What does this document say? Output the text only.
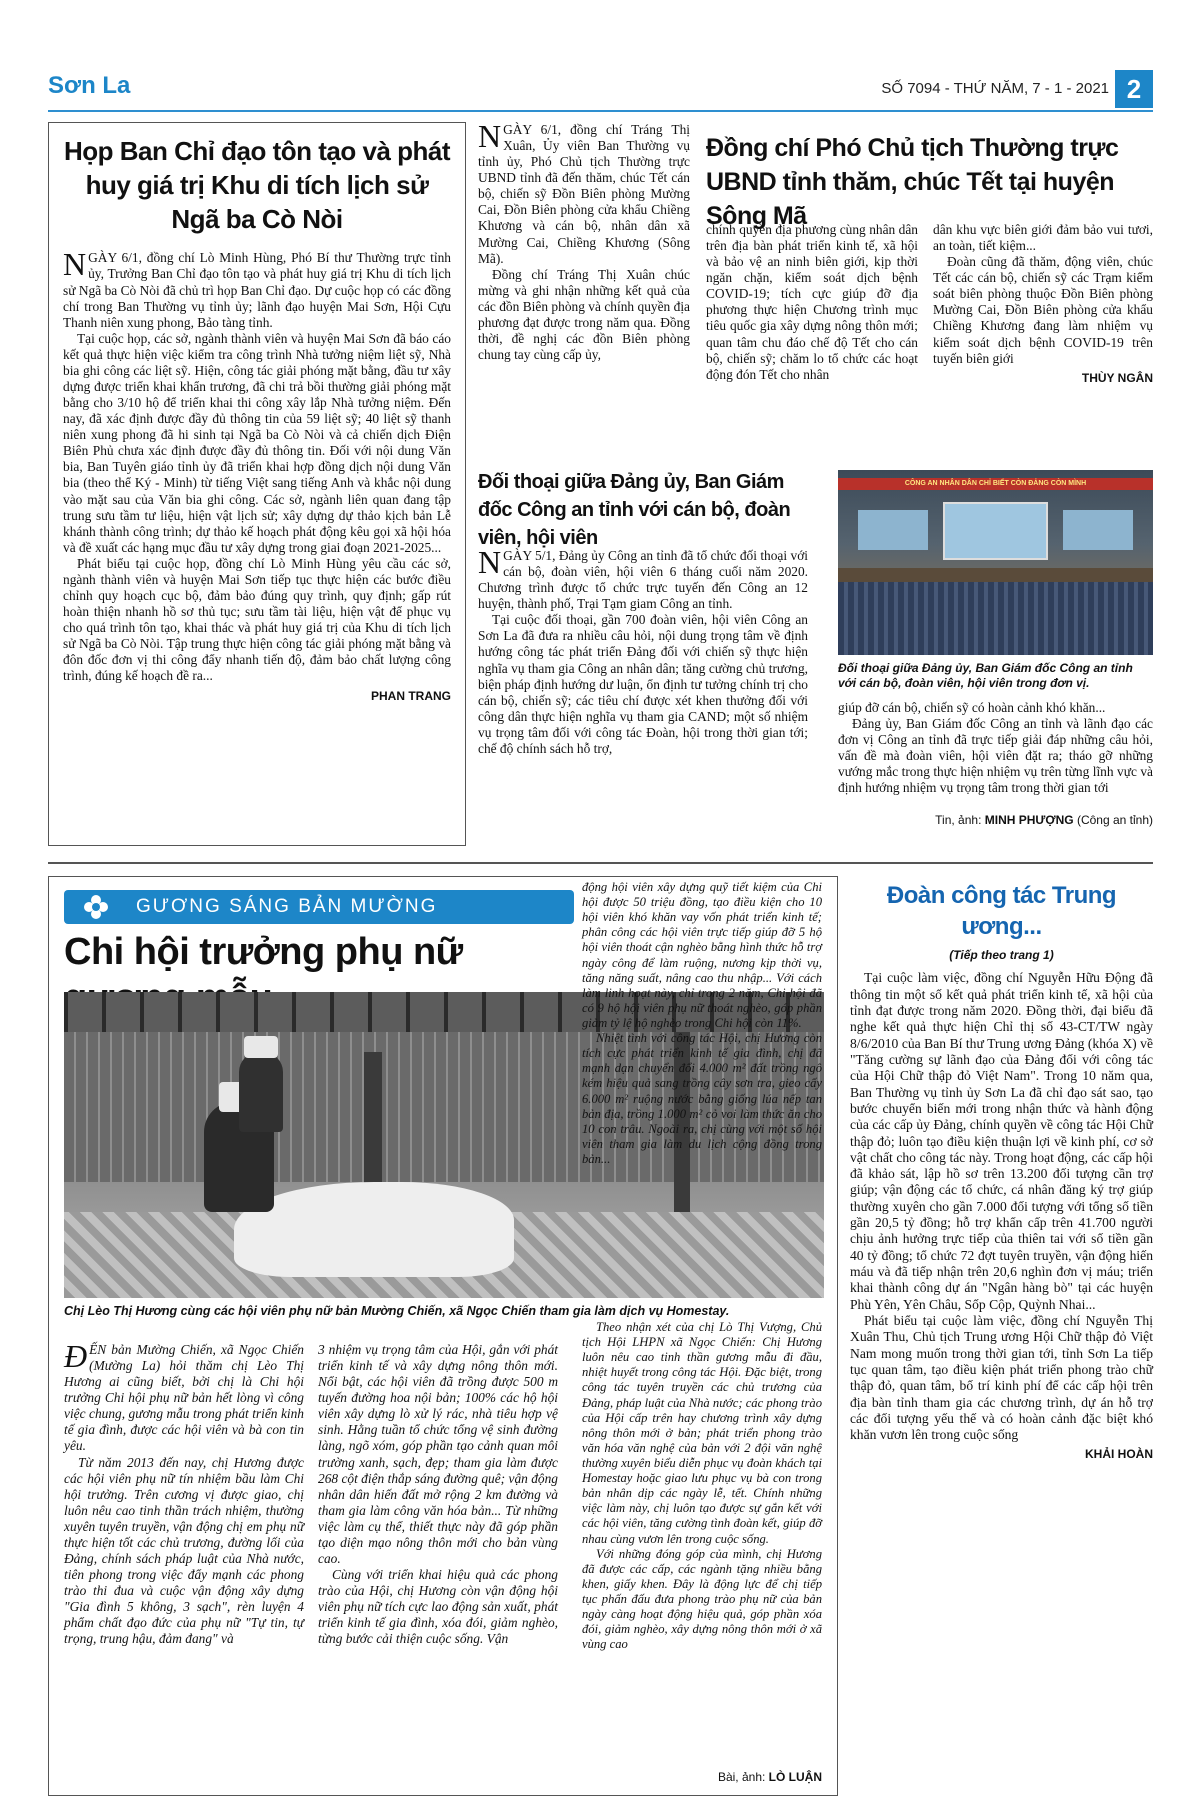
Sơn La	SỐ 7094 - THỨ NĂM, 7 - 1 - 2021 2
Họp Ban Chỉ đạo tôn tạo và phát huy giá trị Khu di tích lịch sử Ngã ba Cò Nòi

NGÀY 6/1, đồng chí Lò Minh Hùng, Phó Bí thư Thường trực tỉnh ủy, Trưởng Ban Chỉ đạo tôn tạo và phát huy giá trị Khu di tích lịch sử Ngã ba Cò Nòi đã chủ trì họp Ban Chỉ đạo. Dự cuộc họp có các đồng chí trong Ban Thường vụ tỉnh ủy; lãnh đạo huyện Mai Sơn, Hội Cựu Thanh niên xung phong, Bảo tàng tỉnh.

Tại cuộc họp, các sở, ngành thành viên và huyện Mai Sơn đã báo cáo kết quả thực hiện việc kiểm tra công trình Nhà tưởng niệm liệt sỹ, Nhà bia ghi công các liệt sỹ. Hiện, công tác giải phóng mặt bằng, đầu tư xây dựng được triển khai khẩn trương, đã chi trả bồi thường giải phóng mặt bằng cho 3/10 hộ để triển khai thi công xây lắp Nhà tưởng niệm. Đến nay, đã xác định được đầy đủ thông tin của 59 liệt sỹ; 40 liệt sỹ thanh niên xung phong đã hi sinh tại Ngã ba Cò Nòi và cả chiến dịch Điện Biên Phủ chưa xác định được đầy đủ thông tin. Đối với nội dung Văn bia, Ban Tuyên giáo tỉnh ủy đã triển khai hợp đồng dịch nội dung Văn bia (theo thể Ký - Minh) từ tiếng Việt sang tiếng Anh và khắc nội dung vào mặt sau của Văn bia ghi công. Các sở, ngành liên quan đang tập trung sưu tầm tư liệu, hiện vật lịch sử; xây dựng dự thảo kịch bản Lễ khánh thành công trình; dự thảo kế hoạch phát động kêu gọi xã hội hóa và đề xuất các hạng mục đầu tư xây dựng trong giai đoạn 2021-2025...

Phát biểu tại cuộc họp, đồng chí Lò Minh Hùng yêu cầu các sở, ngành thành viên và huyện Mai Sơn tiếp tục thực hiện các bước điều chỉnh quy hoạch cục bộ, đảm bảo đúng quy trình, quy định; gấp rút hoàn thiện nhanh hồ sơ thủ tục; sưu tầm tài liệu, hiện vật để phục vụ cho quá trình tôn tạo, khai thác và phát huy giá trị của Khu di tích lịch sử Ngã ba Cò Nòi. Tập trung thực hiện công tác giải phóng mặt bằng và đôn đốc đơn vị thi công đẩy nhanh tiến độ, đảm bảo chất lượng công trình, đúng kế hoạch đề ra...

PHAN TRANG

NGÀY 6/1, đồng chí Tráng Thị Xuân, Ủy viên Ban Thường vụ tỉnh ủy, Phó Chủ tịch Thường trực UBND tỉnh đã đến thăm, chúc Tết cán bộ, chiến sỹ Đồn Biên phòng Mường Cai, Đồn Biên phòng cửa khẩu Chiềng Khương và cán bộ, nhân dân xã Mường Cai, Chiềng Khương (Sông Mã).

Đồng chí Tráng Thị Xuân chúc mừng và ghi nhận những kết quả của các đồn Biên phòng và chính quyền địa phương đạt được trong năm qua. Đồng thời, đề nghị các đồn Biên phòng chung tay cùng cấp ủy,

Đồng chí Phó Chủ tịch Thường trực UBND tỉnh thăm, chúc Tết tại huyện Sông Mã

chính quyền địa phương cùng nhân dân trên địa bàn phát triển kinh tế, xã hội và bảo vệ an ninh biên giới, kịp thời ngăn chặn, kiểm soát dịch bệnh COVID-19; tích cực giúp đỡ địa phương thực hiện Chương trình mục tiêu quốc gia xây dựng nông thôn mới; quan tâm chu đáo chế độ Tết cho cán bộ, chiến sỹ; chăm lo tổ chức các hoạt động đón Tết cho nhân

dân khu vực biên giới đảm bảo vui tươi, an toàn, tiết kiệm...

Đoàn cũng đã thăm, động viên, chúc Tết các cán bộ, chiến sỹ các Trạm kiểm soát biên phòng thuộc Đồn Biên phòng Mường Cai, Đồn Biên phòng cửa khẩu Chiềng Khương đang làm nhiệm vụ kiểm soát dịch bệnh COVID-19 trên tuyến biên giới

THÙY NGÂN
Đối thoại giữa Đảng ủy, Ban Giám đốc Công an tỉnh với cán bộ, đoàn viên, hội viên

NGÀY 5/1, Đảng ủy Công an tỉnh đã tổ chức đối thoại với cán bộ, đoàn viên, hội viên 6 tháng cuối năm 2020. Chương trình được tổ chức trực tuyến đến Công an 12 huyện, thành phố, Trại Tạm giam Công an tỉnh.

Tại cuộc đối thoại, gần 700 đoàn viên, hội viên Công an Sơn La đã đưa ra nhiều câu hỏi, nội dung trọng tâm về định hướng công tác phát triển Đảng đối với chiến sỹ thực hiện nghĩa vụ tham gia Công an nhân dân; tăng cường chủ trương, biện pháp định hướng dư luận, ổn định tư tưởng chính trị cho cán bộ, chiến sỹ; các tiêu chí được xét khen thưởng đối với công dân thực hiện nghĩa vụ tham gia CAND; một số nhiệm vụ trọng tâm đối với công tác Đoàn, hội trong thời gian tới; chế độ chính sách hỗ trợ,

CÔNG AN NHÂN DÂN CHỈ BIẾT CÒN ĐẢNG CÒN MÌNH
Đối thoại giữa Đảng ủy, Ban Giám đốc Công an tỉnh với cán bộ, đoàn viên, hội viên trong đơn vị.

giúp đỡ cán bộ, chiến sỹ có hoàn cảnh khó khăn...

Đảng ủy, Ban Giám đốc Công an tỉnh và lãnh đạo các đơn vị Công an tỉnh đã trực tiếp giải đáp những câu hỏi, vấn đề mà đoàn viên, hội viên đặt ra; tháo gỡ những vướng mắc trong thực hiện nhiệm vụ trên từng lĩnh vực và định hướng nhiệm vụ trọng tâm trong thời gian tới

Tin, ảnh: MINH PHƯỢNG (Công an tỉnh)
GƯƠNG SÁNG BẢN MƯỜNG
Chi hội trưởng phụ nữ
Chị Lèo Thị Hương cùng các hội viên phụ nữ bản Mường Chiến, xã Ngọc Chiến tham gia làm dịch vụ Homestay.

ĐẾN bản Mường Chiến, xã Ngọc Chiến (Mường La) hỏi thăm chị Lèo Thị Hương ai cũng biết, bởi chị là Chi hội trưởng Chi hội phụ nữ bản hết lòng vì công việc chung, gương mẫu trong phát triển kinh tế gia đình, được các hội viên và bà con tin yêu.

Từ năm 2013 đến nay, chị Hương được các hội viên phụ nữ tín nhiệm bầu làm Chi hội trưởng. Trên cương vị được giao, chị luôn nêu cao tinh thần trách nhiệm, thường xuyên tuyên truyền, vận động chị em phụ nữ thực hiện tốt các chủ trương, đường lối của Đảng, chính sách pháp luật của Nhà nước, tiên phong trong việc đẩy mạnh các phong trào thi đua và cuộc vận động xây dựng "Gia đình 5 không, 3 sạch", rèn luyện 4 phẩm chất đạo đức của phụ nữ "Tự tin, tự trọng, trung hậu, đảm đang" và

3 nhiệm vụ trọng tâm của Hội, gắn với phát triển kinh tế và xây dựng nông thôn mới. Nổi bật, các hội viên đã trồng được 500 m tuyến đường hoa nội bản; 100% các hộ hội viên xây dựng lò xử lý rác, nhà tiêu hợp vệ sinh. Hằng tuần tổ chức tổng vệ sinh đường làng, ngõ xóm, góp phần tạo cảnh quan môi trường xanh, sạch, đẹp; tham gia làm được 268 cột điện thắp sáng đường quê; vận động nhân dân hiến đất mở rộng 2 km đường và tham gia làm công văn hóa bản... Từ những việc làm cụ thể, thiết thực này đã góp phần tạo diện mạo nông thôn mới cho bản vùng cao.

Cùng với triển khai hiệu quả các phong trào của Hội, chị Hương còn vận động hội viên phụ nữ tích cực lao động sản xuất, phát triển kinh tế gia đình, xóa đói, giảm nghèo, từng bước cải thiện cuộc sống. Vận

động hội viên xây dựng quỹ tiết kiệm của Chi hội được 50 triệu đồng, tạo điều kiện cho 10 hội viên khó khăn vay vốn phát triển kinh tế; phân công các hội viên trực tiếp giúp đỡ 5 hộ hội viên thoát cận nghèo bằng hình thức hỗ trợ ngày công để làm ruộng, nương kịp thời vụ, tăng năng suất, nâng cao thu nhập... Với cách làm linh hoạt này, chỉ trong 2 năm, Chi hội đã có 9 hộ hội viên phụ nữ thoát nghèo, góp phần giảm tỷ lệ hộ nghèo trong Chi hội còn 11%.

Nhiệt tình với công tác Hội, chị Hương còn tích cực phát triển kinh tế gia đình, chị đã mạnh dạn chuyển đổi 4.000 m² đất trồng ngô kém hiệu quả sang trồng cây sơn tra, gieo cấy 6.000 m² ruộng nước bằng giống lúa nếp tan bản địa, trồng 1.000 m² cỏ voi làm thức ăn cho 10 con trâu. Ngoài ra, chị cùng với một số hội viên tham gia làm du lịch cộng đồng trong bản...

Theo nhận xét của chị Lò Thị Vượng, Chủ tịch Hội LHPN xã Ngọc Chiến: Chị Hương luôn nêu cao tinh thần gương mẫu đi đầu, nhiệt huyết trong công tác Hội. Đặc biệt, trong công tác tuyên truyền các chủ trương của Đảng, pháp luật của Nhà nước; các phong trào của Hội cấp trên hay chương trình xây dựng nông thôn mới ở bản; phát triển phong trào văn hóa văn nghệ của bản với 2 đội văn nghệ thường xuyên biểu diễn phục vụ đoàn khách tại Homestay hoặc giao lưu phục vụ bà con trong bản nhân dịp các ngày lễ, tết. Chính những việc làm này, chị luôn tạo được sự gắn kết với các hội viên, tăng cường tình đoàn kết, giúp đỡ nhau cùng vươn lên trong cuộc sống.

Với những đóng góp của mình, chị Hương đã được các cấp, các ngành tặng nhiều bằng khen, giấy khen. Đây là động lực để chị tiếp tục phấn đấu đưa phong trào phụ nữ của bản ngày càng hoạt động hiệu quả, góp phần xóa đói, giảm nghèo, xây dựng nông thôn mới ở xã vùng cao

Bài, ảnh: LÒ LUẬN
Đoàn công tác Trung ương...
(Tiếp theo trang 1)

Tại cuộc làm việc, đồng chí Nguyễn Hữu Động đã thông tin một số kết quả phát triển kinh tế, xã hội của tỉnh đạt được trong năm 2020. Đồng thời, đại biểu đã nghe kết quả thực hiện Chỉ thị số 43-CT/TW ngày 8/6/2010 của Ban Bí thư Trung ương Đảng (khóa X) về "Tăng cường sự lãnh đạo của Đảng đối với công tác của Hội Chữ thập đỏ Việt Nam". Trong 10 năm qua, Ban Thường vụ tỉnh ủy Sơn La đã chỉ đạo sát sao, tạo bước chuyển biến mới trong nhận thức và hành động của các cấp ủy Đảng, chính quyền về công tác Hội Chữ thập đỏ; luôn tạo điều kiện thuận lợi về kinh phí, cơ sở vật chất cho công tác này. Trong hoạt động, các cấp hội đã khảo sát, lập hồ sơ trên 13.200 đối tượng cần trợ giúp; vận động các tổ chức, cá nhân đăng ký trợ giúp thường xuyên cho gần 7.000 đối tượng với tổng số tiền gần 20,5 tỷ đồng; hỗ trợ khẩn cấp trên 41.700 người chịu ảnh hưởng trực tiếp của thiên tai với số tiền gần 40 tỷ đồng; tổ chức 72 đợt tuyên truyền, vận động hiến máu và đã tiếp nhận trên 20,6 nghìn đơn vị máu; triển khai thành công dự án "Ngân hàng bò" tại các huyện Phù Yên, Yên Châu, Sốp Cộp, Quỳnh Nhai...

Phát biểu tại cuộc làm việc, đồng chí Nguyễn Thị Xuân Thu, Chủ tịch Trung ương Hội Chữ thập đỏ Việt Nam mong muốn trong thời gian tới, tỉnh Sơn La tiếp tục quan tâm, tạo điều kiện phát triển phong trào chữ thập đỏ, quan tâm, bố trí kinh phí để các cấp hội trên địa bàn tỉnh tham gia các chương trình, dự án hỗ trợ các đối tượng yếu thế và có hoàn cảnh đặc biệt khó khăn vươn lên trong cuộc sống

KHẢI HOÀN
